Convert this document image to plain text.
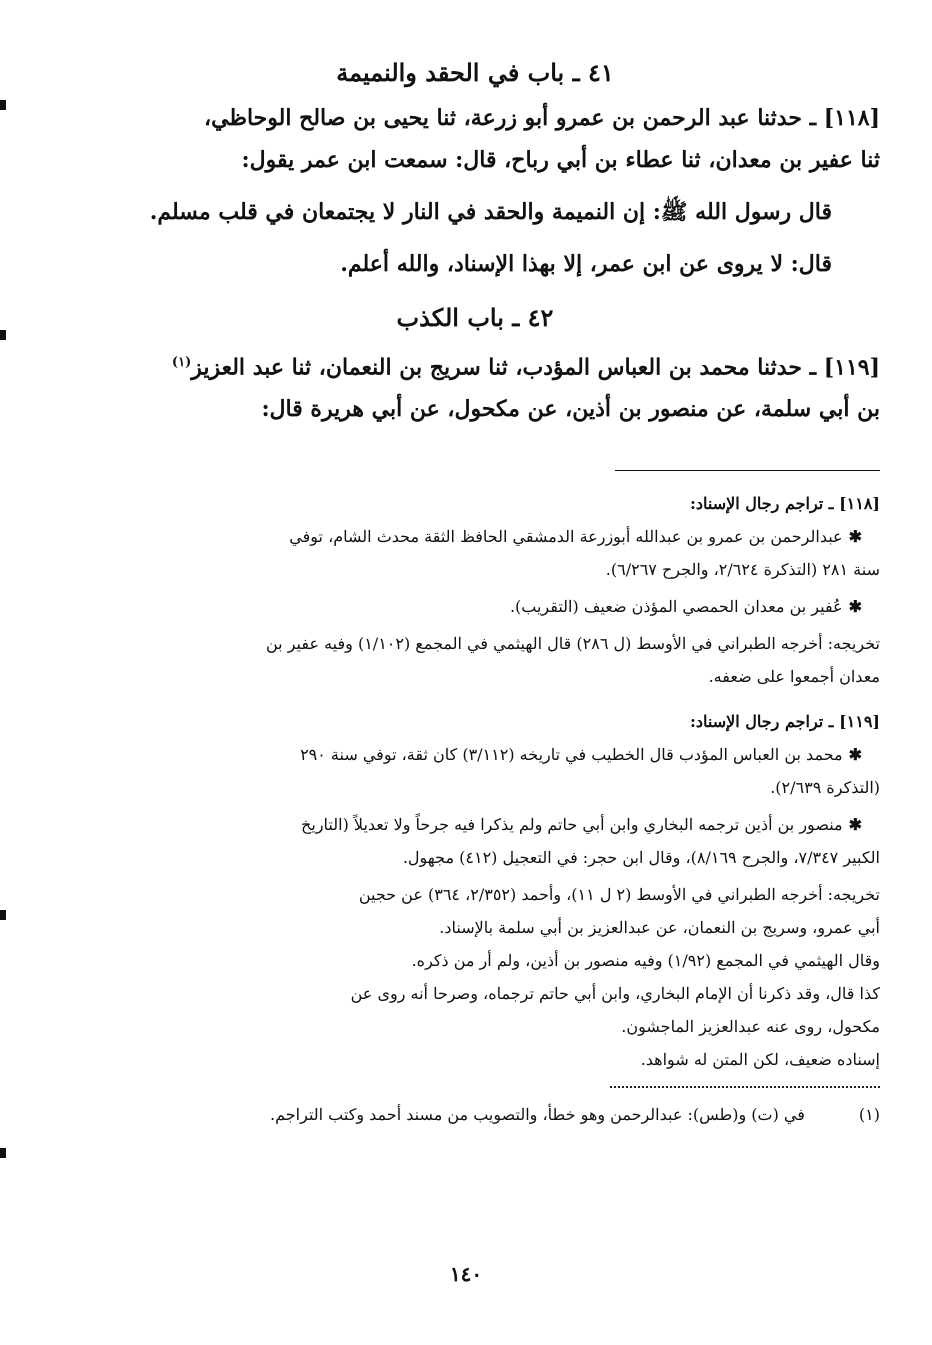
٤١ ـ باب في الحقد والنميمة
[١١٨] ـ حدثنا عبد الرحمن بن عمرو أبو زرعة، ثنا يحيى بن صالح الوحاظي،
ثنا عفير بن معدان، ثنا عطاء بن أبي رباح، قال: سمعت ابن عمر يقول:
قال رسول الله ﷺ: إن النميمة والحقد في النار لا يجتمعان في قلب مسلم.
قال: لا يروى عن ابن عمر، إلا بهذا الإسناد، والله أعلم.
٤٢ ـ باب الكذب
[١١٩] ـ حدثنا محمد بن العباس المؤدب، ثنا سريج بن النعمان، ثنا عبد العزيز$^{(١)}$
بن أبي سلمة، عن منصور بن أذين، عن مكحول، عن أبي هريرة قال:
[١١٨] ـ تراجم رجال الإسناد:
✱عبدالرحمن بن عمرو بن عبدالله أبوزرعة الدمشقي الحافظ الثقة محدث الشام، توفي
سنة ٢٨١ (التذكرة ٢/٦٢٤، والجرح ٦/٢٦٧).
✱عُفير بن معدان الحمصي المؤذن ضعيف (التقريب).
تخريجه: أخرجه الطبراني في الأوسط (ل ٢٨٦) قال الهيثمي في المجمع (١/١٠٢) وفيه عفير بن
معدان أجمعوا على ضعفه.
[١١٩] ـ تراجم رجال الإسناد:
✱محمد بن العباس المؤدب قال الخطيب في تاريخه (٣/١١٢) كان ثقة، توفي سنة ٢٩٠
(التذكرة ٢/٦٣٩).
✱منصور بن أذين ترجمه البخاري وابن أبي حاتم ولم يذكرا فيه جرحاً ولا تعديلاً (التاريخ
الكبير ٧/٣٤٧، والجرح ٨/١٦٩)، وقال ابن حجر: في التعجيل (٤١٢) مجهول.
تخريجه: أخرجه الطبراني في الأوسط (٢ ل ١١)، وأحمد (٢/٣٥٢، ٣٦٤) عن حجين
أبي عمرو، وسريج بن النعمان، عن عبدالعزيز بن أبي سلمة بالإسناد.
وقال الهيثمي في المجمع (١/٩٢) وفيه منصور بن أذين، ولم أر من ذكره.
كذا قال، وقد ذكرنا أن الإمام البخاري، وابن أبي حاتم ترجماه، وصرحا أنه روى عن
مكحول، روى عنه عبدالعزيز الماجشون.
إسناده ضعيف، لكن المتن له شواهد.
(١) في (ت) و(طس): عبدالرحمن وهو خطأ، والتصويب من مسند أحمد وكتب التراجم.
١٤٠
